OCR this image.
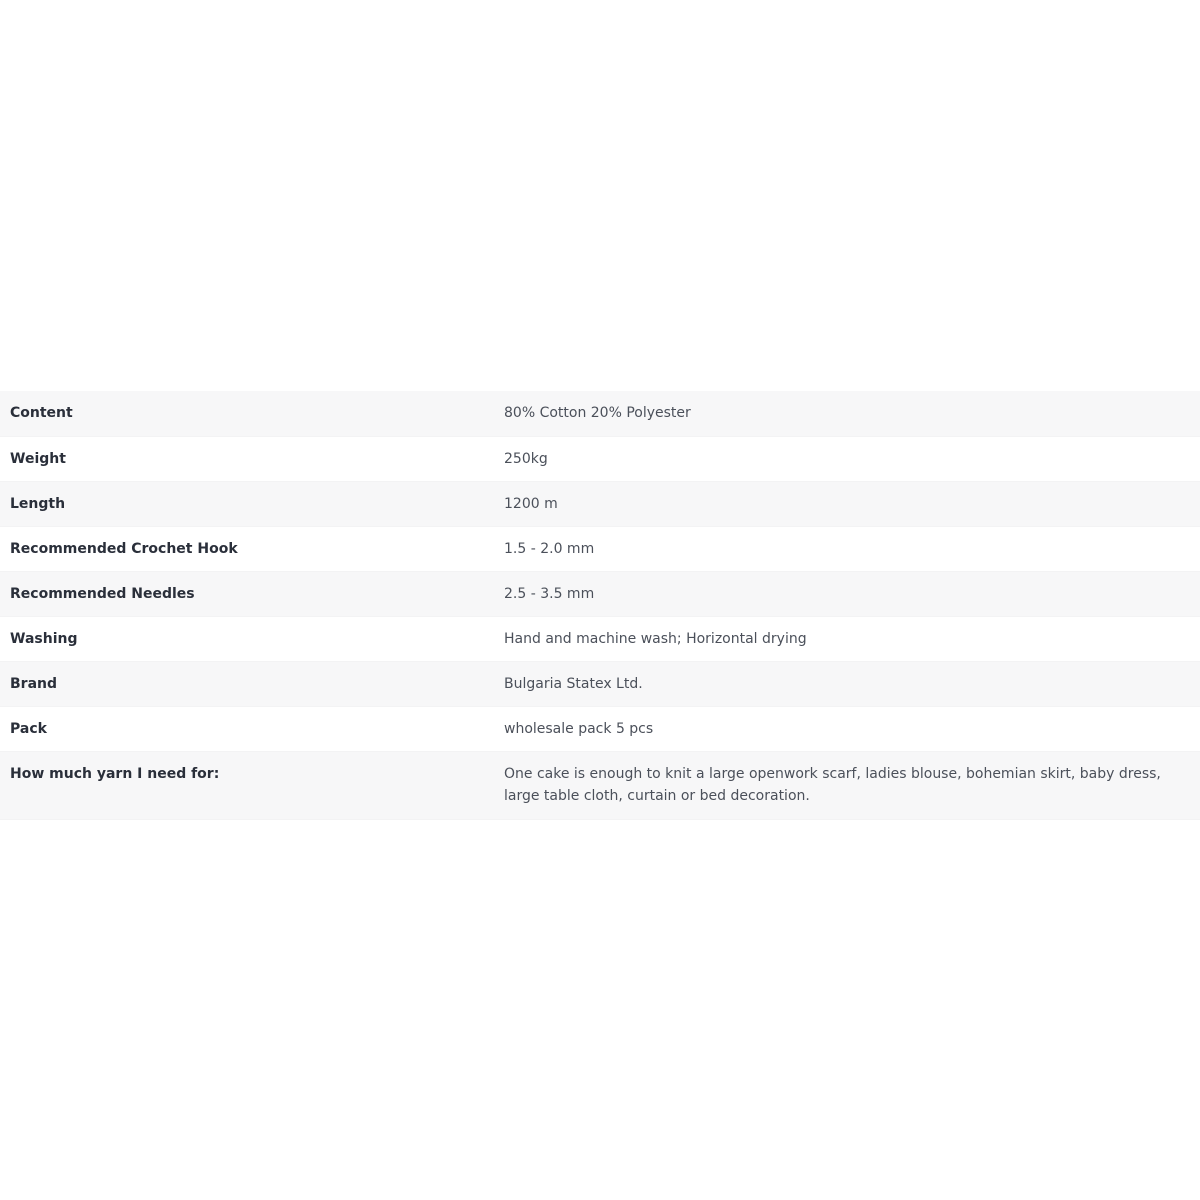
Content	80% Cotton 20% Polyester
Weight	250kg
Length	1200 m
Recommended Crochet Hook	1.5 - 2.0 mm
Recommended Needles	2.5 - 3.5 mm
Washing	Hand and machine wash; Horizontal drying
Brand	Bulgaria Statex Ltd.
Pack	wholesale pack 5 pcs
How much yarn I need for:	One cake is enough to knit a large openwork scarf, ladies blouse, bohemian skirt, baby dress, large table cloth, curtain or bed decoration.
